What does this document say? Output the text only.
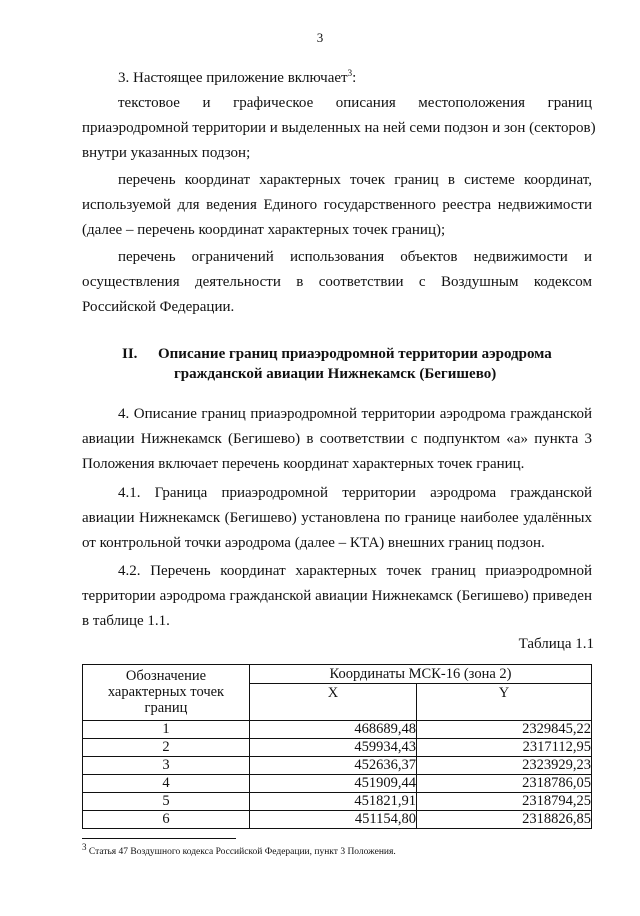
3
3. Настоящее приложение включает$^3$:
текстовое и графическое описания местоположения границ
приаэродромной территории и выделенных на ней семи подзон и зон (секторов)
внутри указанных подзон;
перечень координат характерных точек границ в системе координат,
используемой для ведения Единого государственного реестра недвижимости
(далее – перечень координат характерных точек границ);
перечень ограничений использования объектов недвижимости и
осуществления деятельности в соответствии с Воздушным кодексом
Российской Федерации.
II. Описание границ приаэродромной территории аэродрома
гражданской авиации Нижнекамск (Бегишево)
4. Описание границ приаэродромной территории аэродрома гражданской
авиации Нижнекамск (Бегишево) в соответствии с подпунктом «а» пункта 3
Положения включает перечень координат характерных точек границ.
4.1. Граница приаэродромной территории аэродрома гражданской
авиации Нижнекамск (Бегишево) установлена по границе наиболее удалённых
от контрольной точки аэродрома (далее – КТА) внешних границ подзон.
4.2. Перечень координат характерных точек границ приаэродромной
территории аэродрома гражданской авиации Нижнекамск (Бегишево) приведен
в таблице 1.1.
Таблица 1.1
Обозначение
характерных точек
границ	Координаты МСК-16 (зона 2)	
	X	Y
1	468689,48	2329845,22
2	459934,43	2317112,95
3	452636,37	2323929,23
4	451909,44	2318786,05
5	451821,91	2318794,25
6	451154,80	2318826,85
$^3$ Статья 47 Воздушного кодекса Российской Федерации, пункт 3 Положения.
